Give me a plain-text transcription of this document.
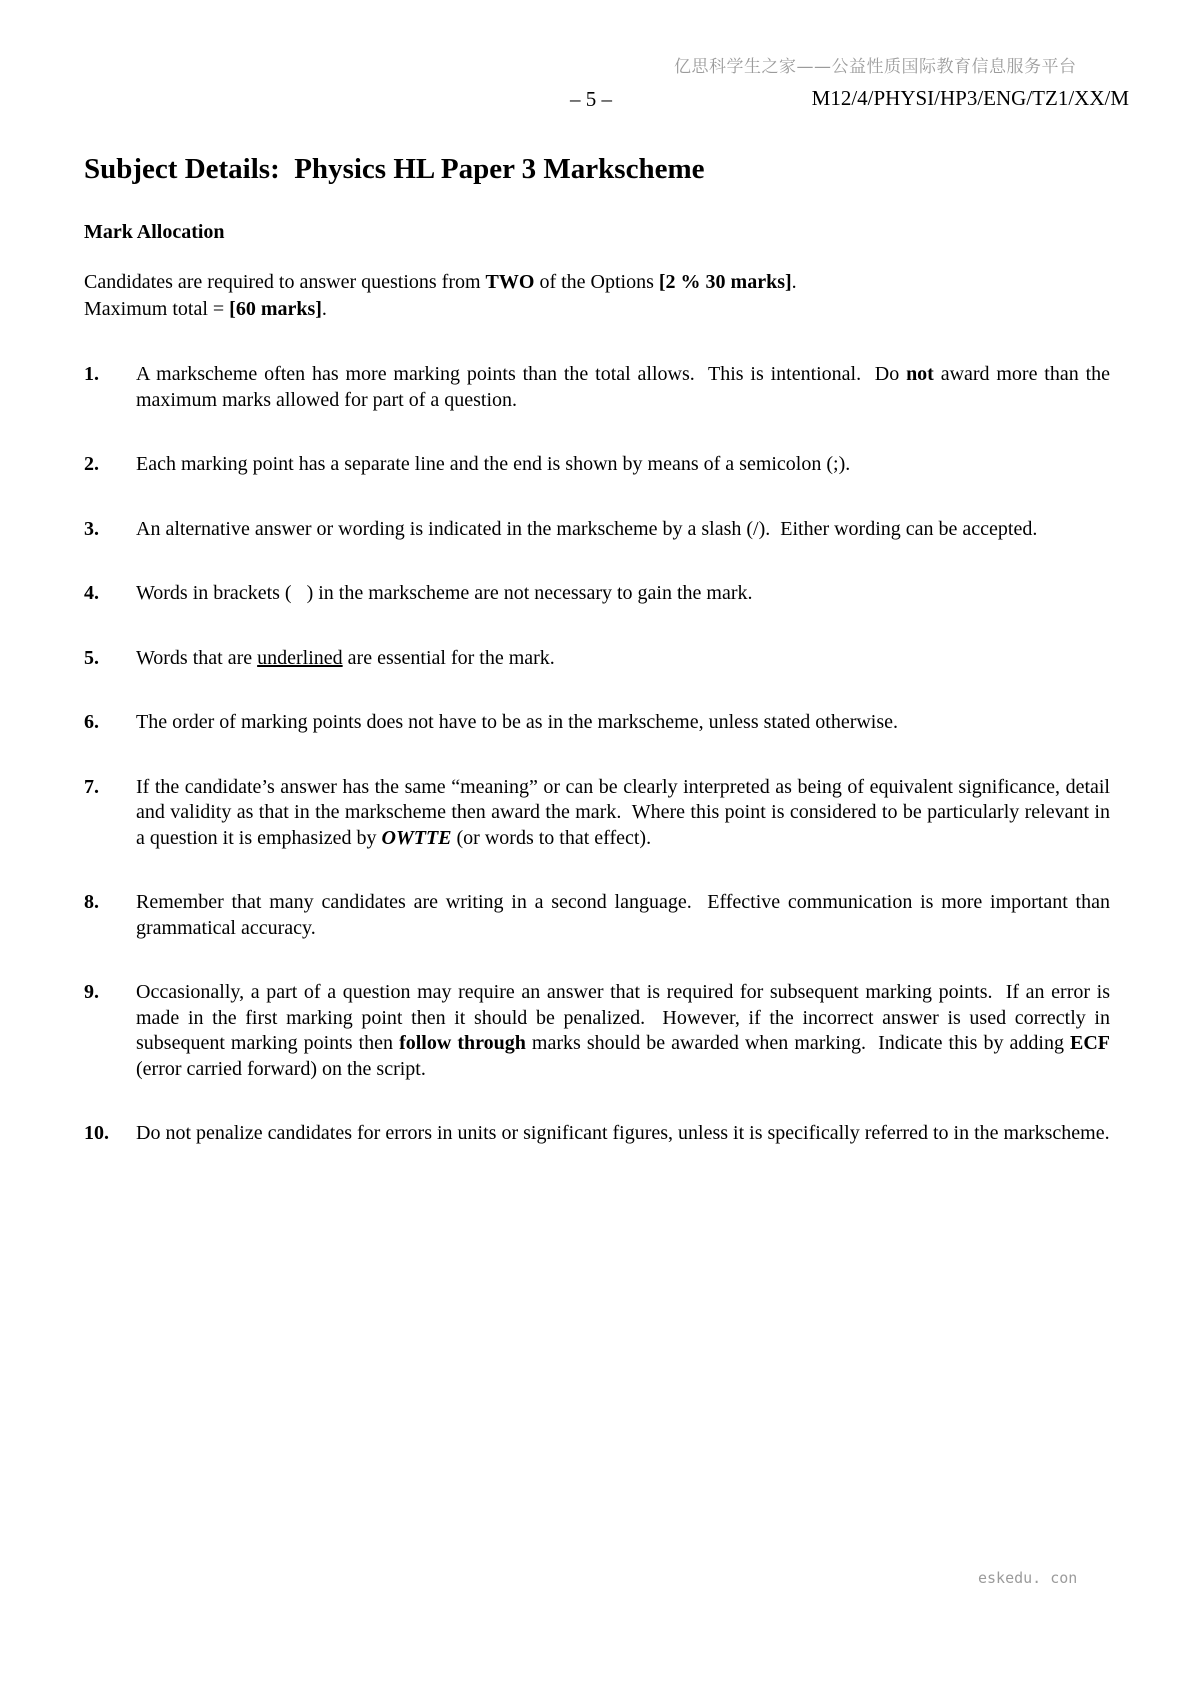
亿思科学生之家——公益性质国际教育信息服务平台
– 5 –	M12/4/PHYSI/HP3/ENG/TZ1/XX/M
Subject Details:  Physics HL Paper 3 Markscheme
Mark Allocation

Candidates are required to answer questions from TWO of the Options [2 % 30 marks].

Maximum total = [60 marks].

1. A markscheme often has more marking points than the total allows.  This is intentional.  Do not award more than the maximum marks allowed for part of a question.
2. Each marking point has a separate line and the end is shown by means of a semicolon (;).
3. An alternative answer or wording is indicated in the markscheme by a slash (/).  Either wording can be accepted.
4. Words in brackets (   ) in the markscheme are not necessary to gain the mark.
5. Words that are underlined are essential for the mark.
6. The order of marking points does not have to be as in the markscheme, unless stated otherwise.
7. If the candidate’s answer has the same “meaning” or can be clearly interpreted as being of equivalent significance, detail and validity as that in the markscheme then award the mark.  Where this point is considered to be particularly relevant in a question it is emphasized by OWTTE (or words to that effect).
8. Remember that many candidates are writing in a second language.  Effective communication is more important than grammatical accuracy.
9. Occasionally, a part of a question may require an answer that is required for subsequent marking points.  If an error is made in the first marking point then it should be penalized.  However, if the incorrect answer is used correctly in subsequent marking points then follow through marks should be awarded when marking.  Indicate this by adding ECF (error carried forward) on the script.
10. Do not penalize candidates for errors in units or significant figures, unless it is specifically referred to in the markscheme.
eskedu. con
